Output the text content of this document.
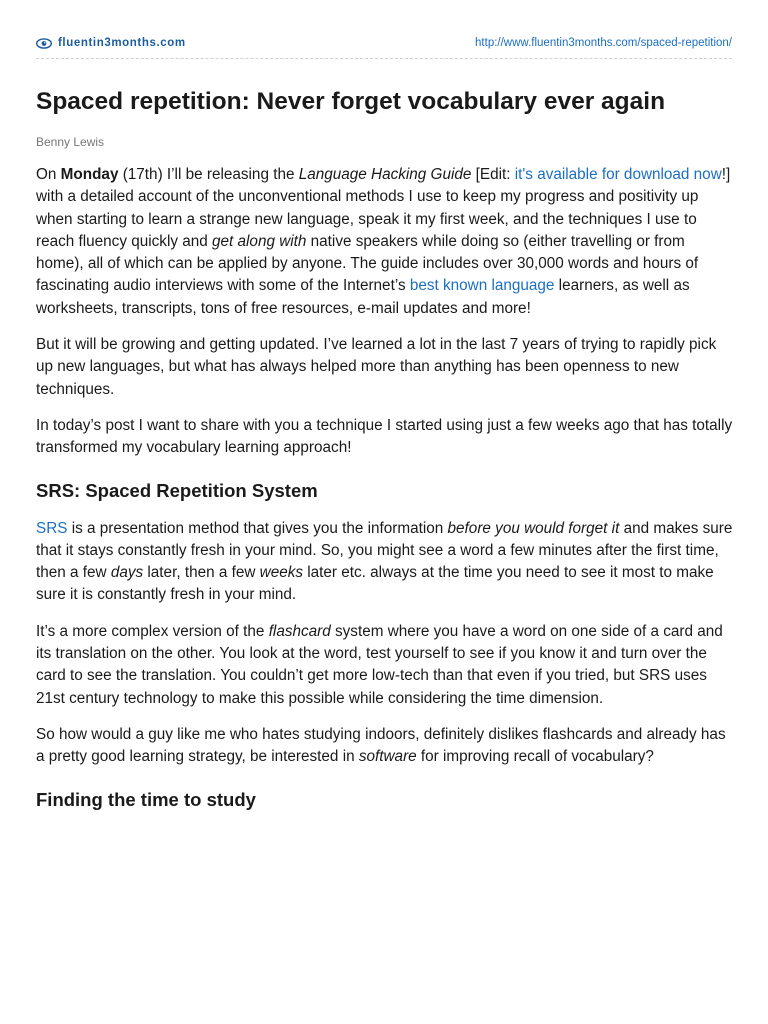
fluentin3months.com	http://www.fluentin3months.com/spaced-repetition/
Spaced repetition: Never forget vocabulary ever again
Benny Lewis

On Monday (17th) I’ll be releasing the Language Hacking Guide [Edit: it's available for download now!] with a detailed account of the unconventional methods I use to keep my progress and positivity up when starting to learn a strange new language, speak it my first week, and the techniques I use to reach fluency quickly and get along with native speakers while doing so (either travelling or from home), all of which can be applied by anyone. The guide includes over 30,000 words and hours of fascinating audio interviews with some of the Internet’s best known language learners, as well as worksheets, transcripts, tons of free resources, e-mail updates and more!

But it will be growing and getting updated. I’ve learned a lot in the last 7 years of trying to rapidly pick up new languages, but what has always helped more than anything has been openness to new techniques.

In today’s post I want to share with you a technique I started using just a few weeks ago that has totally transformed my vocabulary learning approach!

SRS: Spaced Repetition System

SRS is a presentation method that gives you the information before you would forget it and makes sure that it stays constantly fresh in your mind. So, you might see a word a few minutes after the first time, then a few days later, then a few weeks later etc. always at the time you need to see it most to make sure it is constantly fresh in your mind.

It’s a more complex version of the flashcard system where you have a word on one side of a card and its translation on the other. You look at the word, test yourself to see if you know it and turn over the card to see the translation. You couldn’t get more low-tech than that even if you tried, but SRS uses 21st century technology to make this possible while considering the time dimension.

So how would a guy like me who hates studying indoors, definitely dislikes flashcards and already has a pretty good learning strategy, be interested in software for improving recall of vocabulary?

Finding the time to study
